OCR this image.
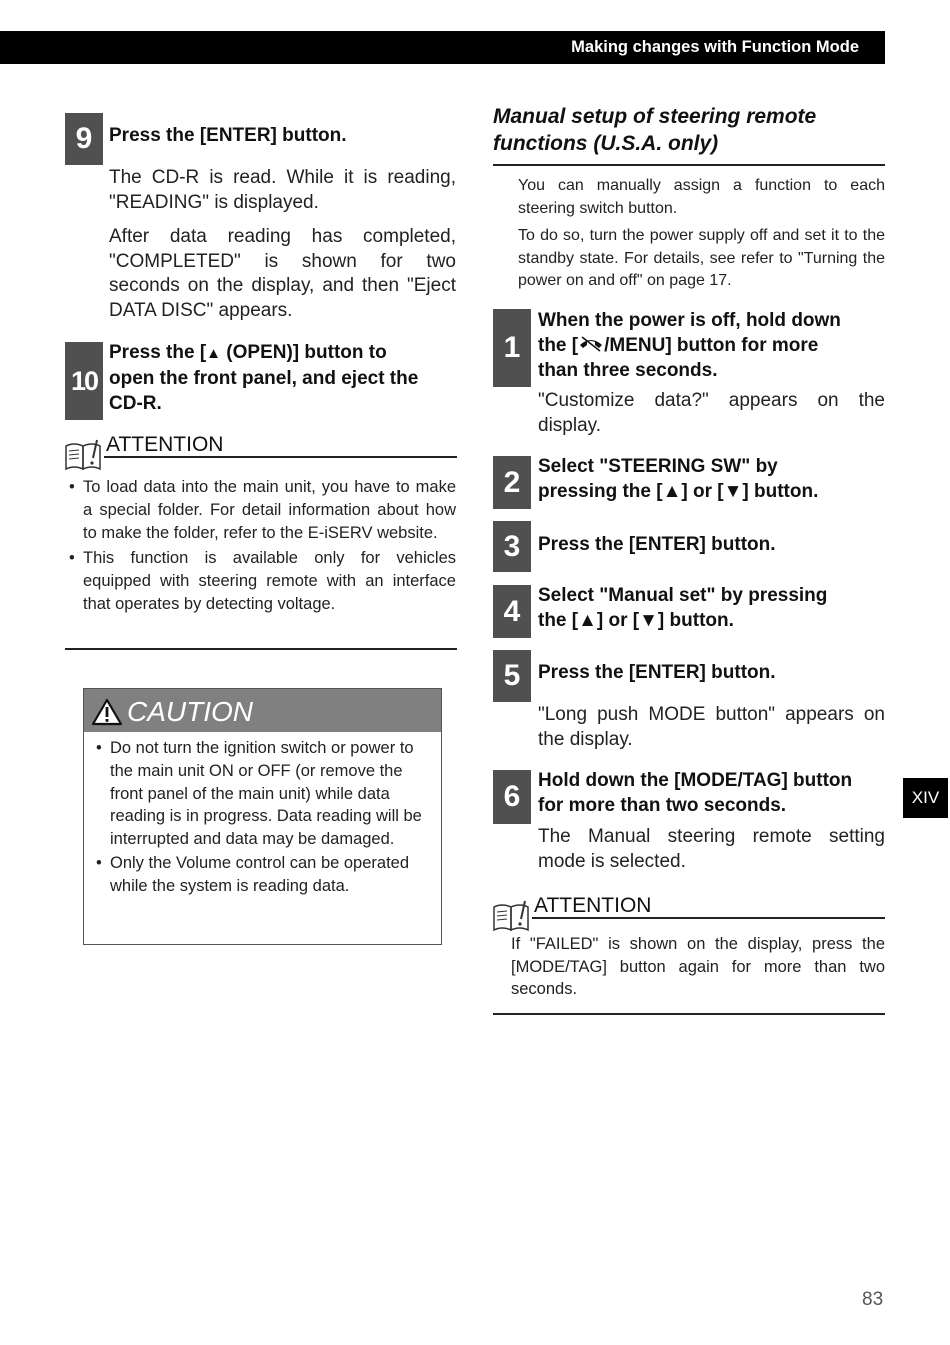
Making changes with Function Mode
9 Press the [ENTER] button.
The CD-R is read. While it is reading, "READING" is displayed.
After data reading has completed, "COMPLETED" is shown for two seconds on the display, and then "Eject DATA DISC" appears.
10
Press the [▲ (OPEN)] button to
open the front panel, and eject the
CD-R.
ATTENTION
• To load data into the main unit, you have to make a special folder. For detail information about how to make the folder, refer to the E-iSERV website.
• This function is available only for vehicles equipped with steering remote with an interface that operates by detecting voltage.
CAUTION
• Do not turn the ignition switch or power to the main unit ON or OFF (or remove the front panel of the main unit) while data reading is in progress. Data reading will be interrupted and data may be damaged.
• Only the Volume control can be operated while the system is reading data.
Manual setup of steering remote
functions (U.S.A. only)
You can manually assign a function to each steering switch button.
To do so, turn the power supply off and set it to the standby state. For details, see refer to "Turning the power on and off" on page 17.
1
When the power is off, hold down
the [ /MENU] button for more
than three seconds.
"Customize data?" appears on the display.
2 Select "STEERING SW" by
pressing the [▲] or [▼] button.
3 Press the [ENTER] button.
4 Select "Manual set" by pressing
the [▲] or [▼] button.
5 Press the [ENTER] button.
"Long push MODE button" appears on the display.
6 Hold down the [MODE/TAG] button
for more than two seconds.
The Manual steering remote setting mode is selected.
ATTENTION
If "FAILED" is shown on the display, press the [MODE/TAG] button again for more than two seconds.
XIV
83
